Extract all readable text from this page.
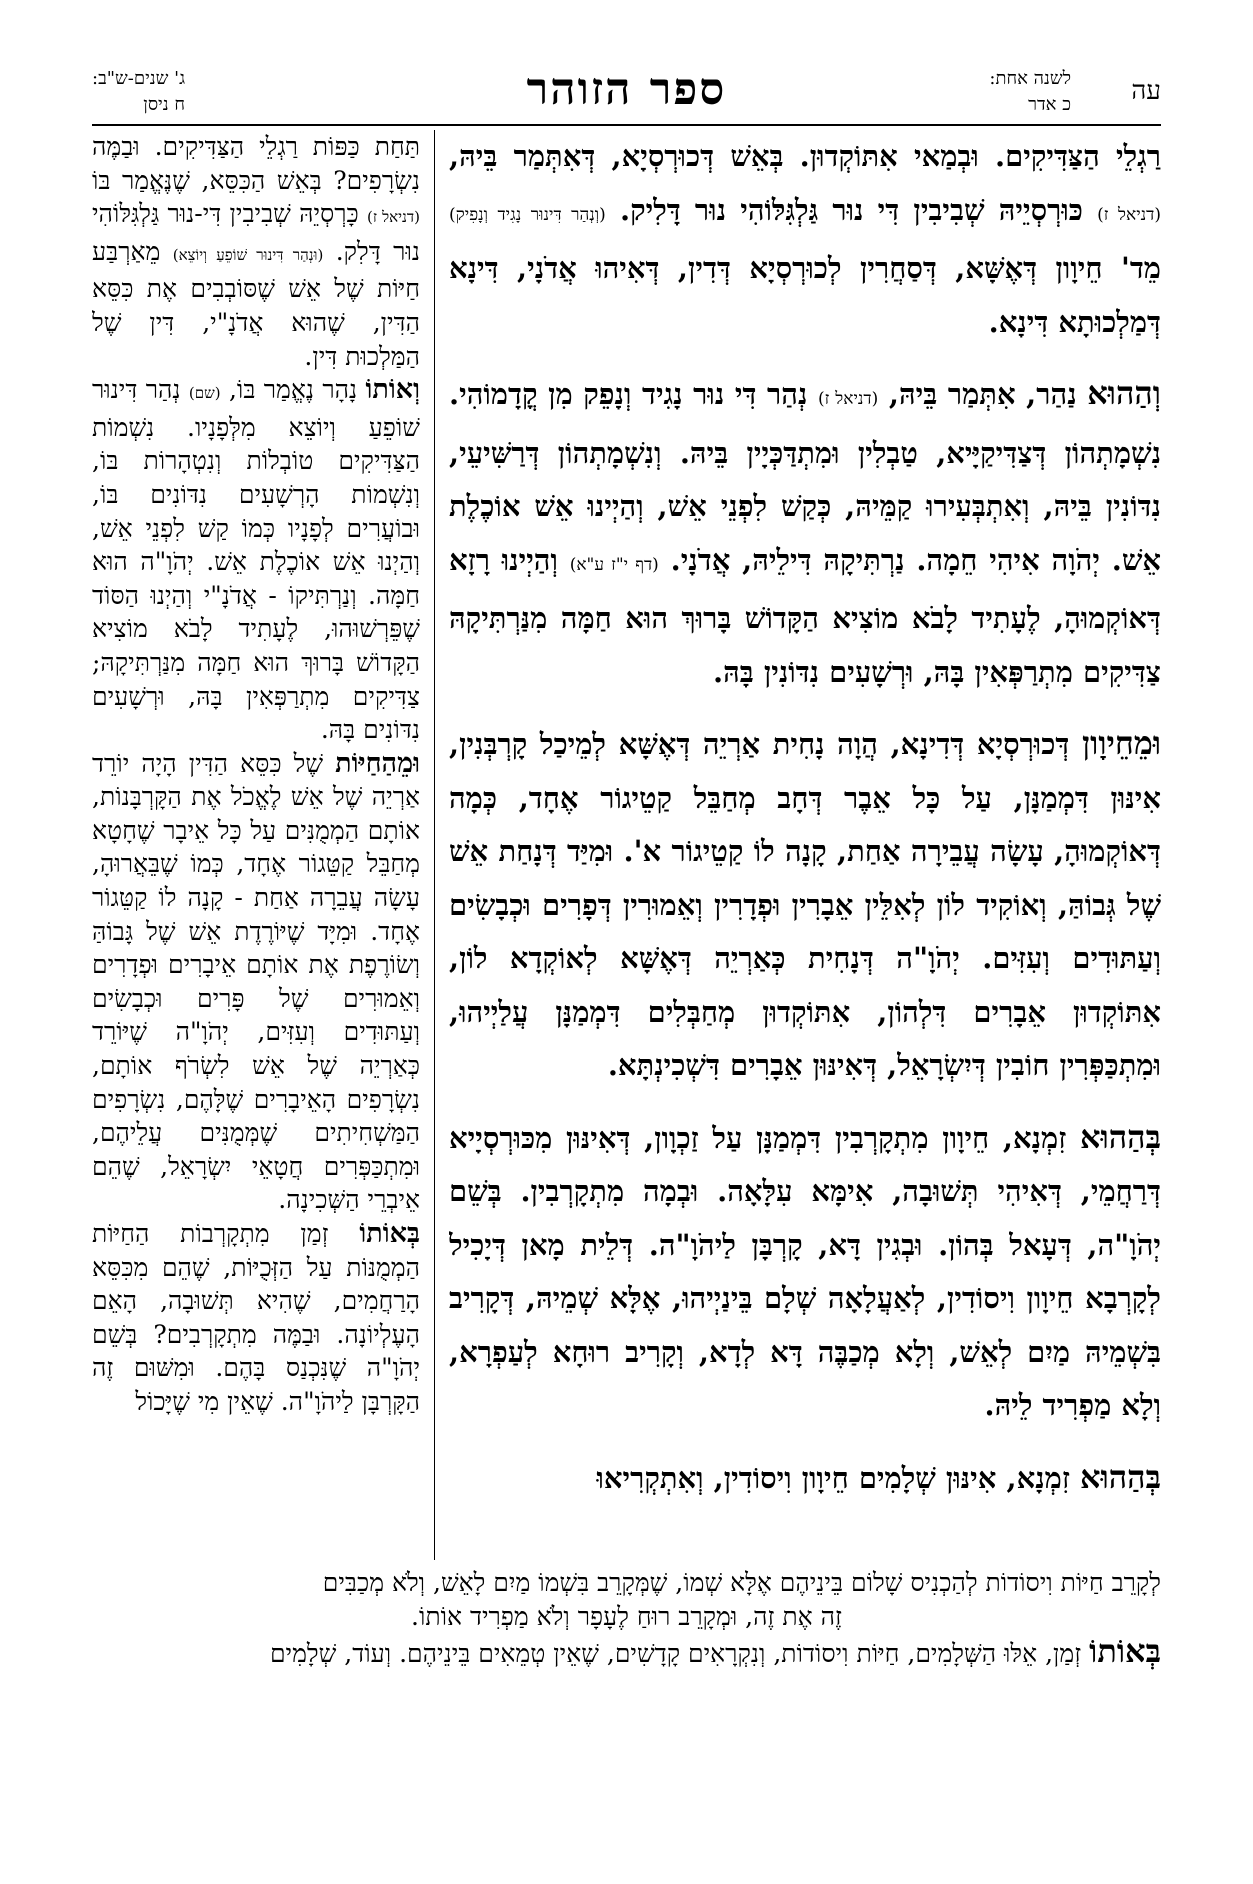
עה
לשנה אחת:
כ אדר
ספר הזוהר
ג' שנים-ש"ב:
ח ניסן

רַגְלֵי הַצַּדִּיקִים. וּבְמַאי אִתּוֹקְדוּן. בְּאֵשׁ דְּכוּרְסְיָא, דְּאִתְּמַר בֵּיהּ, (דניאל ז) כּוּרְסְיֵיהּ שְׁבִיבִין דִּי נוּר גַּלְגִּלּוֹהִי נוּר דָּלִיק. (וְנְהַר דִּינוּר נָגִיד וְנָפִיק) מֵד' חֵיוָון דְּאֶשָּׁא, דְּסַחֲרִין לְכוּרְסְיָא דְּדִין, דְּאִיהוּ אֲדֹנָי, דִּינָא דְּמַלְכוּתָא דִּינָא.

וְהַהוּא נַהַר, אִתְּמַר בֵּיהּ, (דניאל ז) נְהַר דִּי נוּר נָגִיד וְנָפֵק מִן קֳדָמוֹהִי. נִשְׁמָתְהוֹן דְּצַדִּיקַיָּיא, טַבְלִין וּמִתְדַּכְּיָין בֵּיהּ. וְנִשְׁמָתְהוֹן דְּרַשִּׁיעֵי, נִדּוֹנִין בֵּיהּ, וְאִתְבְּעִירוּ קַמֵּיהּ, כְּקַשׁ לִפְנֵי אֵשׁ, וְהַיְינוּ אֵשׁ אוֹכֶלֶת אֵשׁ. יְהֹוָה אִיהִי חֵמָה. נַרְתִּיקָהּ דִּילֵיהּ, אֲדֹנָי. (דף י"ז ע"א) וְהַיְינוּ רָזָא דְּאוֹקְמוּהָ, לֶעָתִיד לָבֹא מוֹצִיא הַקָּדוֹשׁ בָּרוּךְ הוּא חַמָּה מִנַּרְתִּיקָהּ צַדִּיקִים מִתְרַפְּאִין בָּהּ, וּרְשָׁעִים נִדּוֹנִין בָּהּ.

וּמֵחֵיוָון דְּכוּרְסְיָא דְּדִינָא, הֲוָה נָחִית אַרְיֵה דְּאֶשָּׁא לְמֵיכַל קָרְבְּנִין, אִינּוּן דִּמְמַנָּן, עַל כָּל אֵבֶר דְּחָב מְחַבֵּל קַטֵיגוֹר אֶחָד, כְּמָה דְּאוֹקְמוּהָ, עָשָׂה עֲבֵירָה אַחַת, קָנָה לוֹ קַטֵיגוֹר א'. וּמִיַּד דְּנָחַת אֵשׁ שֶׁל גְּבוֹהַּ, וְאוֹקִיד לוֹן לְאִלֵּין אֵבָרִין וּפְדָרִין וְאֵמוּרִין דְּפָרִים וּכְבָשִׂים וְעַתּוּדִים וְעִזִּים. יְהֹוָ"ה דְּנָחִית כְּאַרְיֵה דְּאֶשָּׁא לְאוֹקְדָא לוֹן, אִתּוֹקְדוּן אֵבָרִים דִּלְהוֹן, אִתּוֹקְדוּן מְחַבְּלִים דִּמְמַנָּן עֲלַיְיהוּ, וּמִתְכַּפְּרִין חוֹבִין דְּיִשְׂרָאֵל, דְּאִינּוּן אֵבָרִים דִּשְׁכִינְתָּא.

בְּהַהוּא זִמְנָא, חֵיוָון מִתְקָרְבִין דִּמְמַנָּן עַל זַכְוָון, דְּאִינּוּן מִכּוּרְסְיָיא דְּרַחֲמֵי, דְּאִיהִי תְּשׁוּבָה, אִימָּא עִלָּאָה. וּבְמָה מִתְקָרְבִין. בְּשֵׁם יְהֹוָ"ה, דְּעָאל בְּהוֹן. וּבְגִין דָּא, קָרְבָּן לַיהֹוָ"ה. דְּלֵית מָאן דְּיָכִיל לְקָרְבָא חֵיוָון וִיסוֹדִין, לְאַעֲלָאָה שְׁלָם בֵּינַיְיהוּ, אֶלָּא שְׁמֵיהּ, דְּקָרִיב בִּשְׁמֵיהּ מַיִם לְאֵשׁ, וְלָא מְכַבֶּה דָּא לְדָא, וְקָרִיב רוּחָא לְעַפְרָא, וְלָא מַפְרִיד לֵיהּ.

בְּהַהוּא זִמְנָא, אִינּוּן שְׁלָמִים חֵיוָון וִיסוֹדִין, וְאִתְקְרִיאוּ

תַּחַת כַּפּוֹת רַגְלֵי הַצַּדִּיקִים. וּבַמֶּה נִשְׂרָפִים? בְּאֵשׁ הַכִּסֵּא, שֶׁנֶּאֱמַר בּוֹ (דניאל ז) כָּרְסְיֵהּ שְׁבִיבִין דִּי-נוּר גַּלְגִּלּוֹהִי נוּר דָּלִק. (וּנְהַר דִּינוּר שׁוֹפֵעַ וְיוֹצֵא) מֵאַרְבַּע חַיּוֹת שֶׁל אֵשׁ שֶׁסּוֹבְבִים אֶת כִּסֵּא הַדִּין, שֶׁהוּא אֲדֹנָ"י, דִּין שֶׁל הַמַּלְכוּת דִּין.

וְאוֹתוֹ נָהָר נֶאֱמַר בּוֹ, (שם) נְהַר דִּינוּר שׁוֹפֵעַ וְיוֹצֵא מִלְּפָנָיו. נִשְׁמוֹת הַצַּדִּיקִים טוֹבְלוֹת וְנִטְהָרוֹת בּוֹ, וְנִשְׁמוֹת הָרְשָׁעִים נִדּוֹנִים בּוֹ, וּבוֹעֲרִים לְפָנָיו כְּמוֹ קַשׁ לִפְנֵי אֵשׁ, וְהַיְנוּ אֵשׁ אוֹכֶלֶת אֵשׁ. יְהֹוָ"ה הוּא חַמָּה. וְנַרְתִּיקוֹ - אֲדֹנָ"י וְהַיְנוּ הַסּוֹד שֶׁפֵּרְשׁוּהוּ, לֶעָתִיד לָבֹא מוֹצִיא הַקָּדוֹשׁ בָּרוּךְ הוּא חַמָּה מִנַּרְתִּיקָהּ; צַדִּיקִים מִתְרַפְּאִין בָּהּ, וּרְשָׁעִים נִדּוֹנִים בָּהּ.

וּמֵהַחַיּוֹת שֶׁל כִּסֵּא הַדִּין הָיָה יוֹרֵד אַרְיֵה שֶׁל אֵשׁ לֶאֱכֹל אֶת הַקָּרְבָּנוֹת, אוֹתָם הַמְמֻנִּים עַל כָּל אֵיבָר שֶׁחָטָא מְחַבֵּל קַטֵּגוֹר אֶחָד, כְּמוֹ שֶׁבֵּאֲרוּהָ, עָשָׂה עֲבֵרָה אַחַת - קָנָה לוֹ קַטֵּגוֹר אֶחָד. וּמִיָּד שֶׁיּוֹרֶדֶת אֵשׁ שֶׁל גָּבוֹהַּ וְשׂוֹרֶפֶת אֶת אוֹתָם אֵיבָרִים וּפְדָרִים וְאֵמוּרִים שֶׁל פָּרִים וּכְבָשִׂים וְעַתּוּדִים וְעִזִּים, יְהֹוָ"ה שֶׁיּוֹרֵד כְּאַרְיֵה שֶׁל אֵשׁ לִשְׂרֹף אוֹתָם, נִשְׂרָפִים הָאֵיבָרִים שֶׁלָּהֶם, נִשְׂרָפִים הַמַּשְׁחִיתִים שֶׁמְּמֻנִּים עֲלֵיהֶם, וּמִתְכַּפְּרִים חֲטָאֵי יִשְׂרָאֵל, שֶׁהֵם אֵיבְרֵי הַשְּׁכִינָה.

בְּאוֹתוֹ זְמַן מִתְקָרְבוֹת הַחַיּוֹת הַמְמֻנּוֹת עַל הַזְּכֻיּוֹת, שֶׁהֵם מִכִּסֵּא הָרַחֲמִים, שֶׁהִיא תְּשׁוּבָה, הָאֵם הָעֶלְיוֹנָה. וּבַמֶּה מִתְקָרְבִים? בְּשֵׁם יְהֹוָ"ה שֶׁנִּכְנַס בָּהֶם. וּמִשּׁוּם זֶה הַקָּרְבָּן לַיהֹוָ"ה. שֶׁאֵין מִי שֶׁיָּכוֹל

לְקָרֵב חַיּוֹת וִיסוֹדוֹת לְהַכְנִיס שָׁלוֹם בֵּינֵיהֶם אֶלָּא שְׁמוֹ, שֶׁמְּקָרֵב בִּשְׁמוֹ מַיִם לָאֵשׁ, וְלֹא מְכַבִּים

זֶה אֶת זֶה, וּמְקָרֵב רוּחַ לֶעָפָר וְלֹא מַפְרִיד אוֹתוֹ.

בְּאוֹתוֹ זְמַן, אֵלּוּ הַשְּׁלָמִים, חַיּוֹת וִיסוֹדוֹת, וְנִקְרָאִים קָדָשִׁים, שֶׁאֵין טְמֵאִים בֵּינֵיהֶם. וְעוֹד, שְׁלָמִים
